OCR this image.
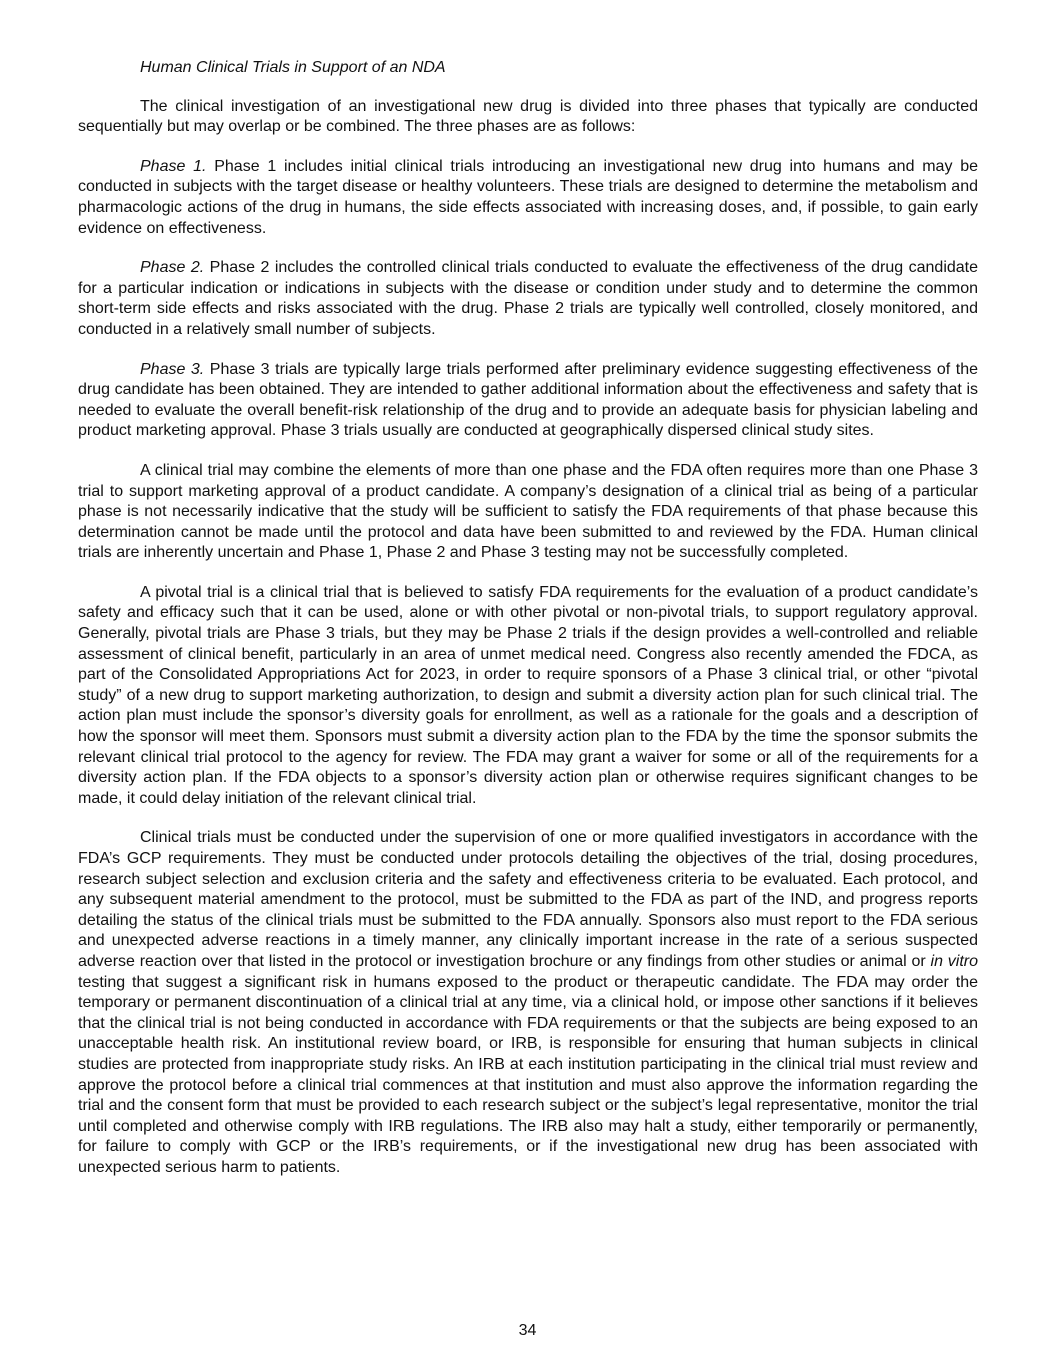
Human Clinical Trials in Support of an NDA

The clinical investigation of an investigational new drug is divided into three phases that typically are conducted sequentially but may overlap or be combined. The three phases are as follows:

Phase 1. Phase 1 includes initial clinical trials introducing an investigational new drug into humans and may be conducted in subjects with the target disease or healthy volunteers. These trials are designed to determine the metabolism and pharmacologic actions of the drug in humans, the side effects associated with increasing doses, and, if possible, to gain early evidence on effectiveness.

Phase 2. Phase 2 includes the controlled clinical trials conducted to evaluate the effectiveness of the drug candidate for a particular indication or indications in subjects with the disease or condition under study and to determine the common short-term side effects and risks associated with the drug. Phase 2 trials are typically well controlled, closely monitored, and conducted in a relatively small number of subjects.

Phase 3. Phase 3 trials are typically large trials performed after preliminary evidence suggesting effectiveness of the drug candidate has been obtained. They are intended to gather additional information about the effectiveness and safety that is needed to evaluate the overall benefit-risk relationship of the drug and to provide an adequate basis for physician labeling and product marketing approval. Phase 3 trials usually are conducted at geographically dispersed clinical study sites.

A clinical trial may combine the elements of more than one phase and the FDA often requires more than one Phase 3 trial to support marketing approval of a product candidate. A company’s designation of a clinical trial as being of a particular phase is not necessarily indicative that the study will be sufficient to satisfy the FDA requirements of that phase because this determination cannot be made until the protocol and data have been submitted to and reviewed by the FDA. Human clinical trials are inherently uncertain and Phase 1, Phase 2 and Phase 3 testing may not be successfully completed.

A pivotal trial is a clinical trial that is believed to satisfy FDA requirements for the evaluation of a product candidate’s safety and efficacy such that it can be used, alone or with other pivotal or non-pivotal trials, to support regulatory approval. Generally, pivotal trials are Phase 3 trials, but they may be Phase 2 trials if the design provides a well-controlled and reliable assessment of clinical benefit, particularly in an area of unmet medical need. Congress also recently amended the FDCA, as part of the Consolidated Appropriations Act for 2023, in order to require sponsors of a Phase 3 clinical trial, or other “pivotal study” of a new drug to support marketing authorization, to design and submit a diversity action plan for such clinical trial. The action plan must include the sponsor’s diversity goals for enrollment, as well as a rationale for the goals and a description of how the sponsor will meet them. Sponsors must submit a diversity action plan to the FDA by the time the sponsor submits the relevant clinical trial protocol to the agency for review. The FDA may grant a waiver for some or all of the requirements for a diversity action plan. If the FDA objects to a sponsor’s diversity action plan or otherwise requires significant changes to be made, it could delay initiation of the relevant clinical trial.

Clinical trials must be conducted under the supervision of one or more qualified investigators in accordance with the FDA’s GCP requirements. They must be conducted under protocols detailing the objectives of the trial, dosing procedures, research subject selection and exclusion criteria and the safety and effectiveness criteria to be evaluated. Each protocol, and any subsequent material amendment to the protocol, must be submitted to the FDA as part of the IND, and progress reports detailing the status of the clinical trials must be submitted to the FDA annually. Sponsors also must report to the FDA serious and unexpected adverse reactions in a timely manner, any clinically important increase in the rate of a serious suspected adverse reaction over that listed in the protocol or investigation brochure or any findings from other studies or animal or in vitro testing that suggest a significant risk in humans exposed to the product or therapeutic candidate. The FDA may order the temporary or permanent discontinuation of a clinical trial at any time, via a clinical hold, or impose other sanctions if it believes that the clinical trial is not being conducted in accordance with FDA requirements or that the subjects are being exposed to an unacceptable health risk. An institutional review board, or IRB, is responsible for ensuring that human subjects in clinical studies are protected from inappropriate study risks. An IRB at each institution participating in the clinical trial must review and approve the protocol before a clinical trial commences at that institution and must also approve the information regarding the trial and the consent form that must be provided to each research subject or the subject’s legal representative, monitor the trial until completed and otherwise comply with IRB regulations. The IRB also may halt a study, either temporarily or permanently, for failure to comply with GCP or the IRB’s requirements, or if the investigational new drug has been associated with unexpected serious harm to patients.

34
